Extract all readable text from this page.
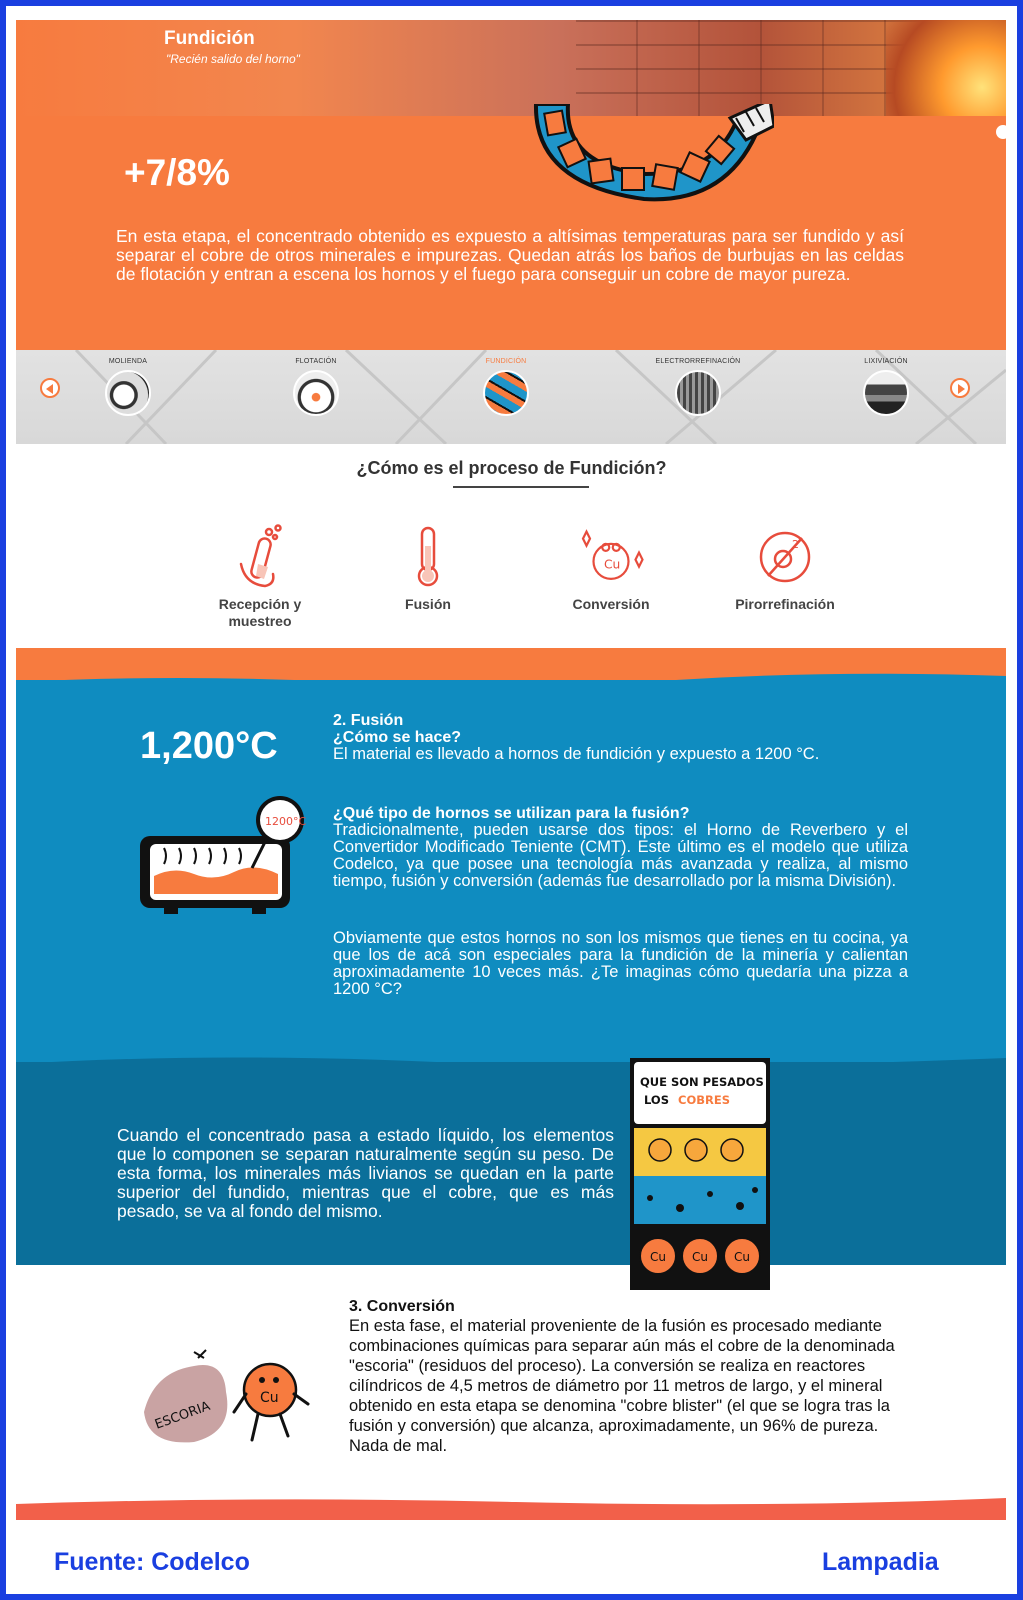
Fundición
"Recién salido del horno"
+7/8%

En esta etapa, el concentrado obtenido es expuesto a altísimas temperaturas para ser fundido y así separar el cobre de otros minerales e impurezas. Quedan atrás los baños de burbujas en las celdas de flotación y entran a escena los hornos y el fuego para conseguir un cobre de mayor pureza.

MOLIENDA	FLOTACIÓN	FUNDICIÓN	ELECTRORREFINACIÓN	LIXIVIACIÓN
¿Cómo es el proceso de Fundición?
Recepción y muestreo
Fusión
Cu
Conversión
2
Pirorrefinación
1,200°C
2. Fusión
¿Cómo se hace?

El material es llevado a hornos de fundición y expuesto a 1200 °C.

¿Qué tipo de hornos se utilizan para la fusión?

Tradicionalmente, pueden usarse dos tipos: el Horno de Reverbero y el Convertidor Modificado Teniente (CMT). Este último es el modelo que utiliza Codelco, ya que posee una tecnología más avanzada y realiza, al mismo tiempo, fusión y conversión (además fue desarrollado por la misma División).

Obviamente que estos hornos no son los mismos que tienes en tu cocina, ya que los de acá son especiales para la fundición de la minería y calientan aproximadamente 10 veces más. ¿Te imaginas cómo quedaría una pizza a 1200 °C?

1200°C

Cuando el concentrado pasa a estado líquido, los elementos que lo componen se separan naturalmente según su peso. De esta forma, los minerales más livianos se quedan en la parte superior del fundido, mientras que el cobre, que es más pesado, se va al fondo del mismo.

QUE SON PESADOS
LOS COBRES
Cu Cu Cu
3. Conversión

En esta fase, el material proveniente de la fusión es procesado mediante combinaciones químicas para separar aún más el cobre de la denominada "escoria" (residuos del proceso). La conversión se realiza en reactores cilíndricos de 4,5 metros de diámetro por 11 metros de largo, y el mineral obtenido en esta etapa se denomina "cobre blister" (el que se logra tras la fusión y conversión) que alcanza, aproximadamente, un 96% de pureza. Nada de mal.

ESCORIA
Cu
Fuente: Codelco	Lampadia
